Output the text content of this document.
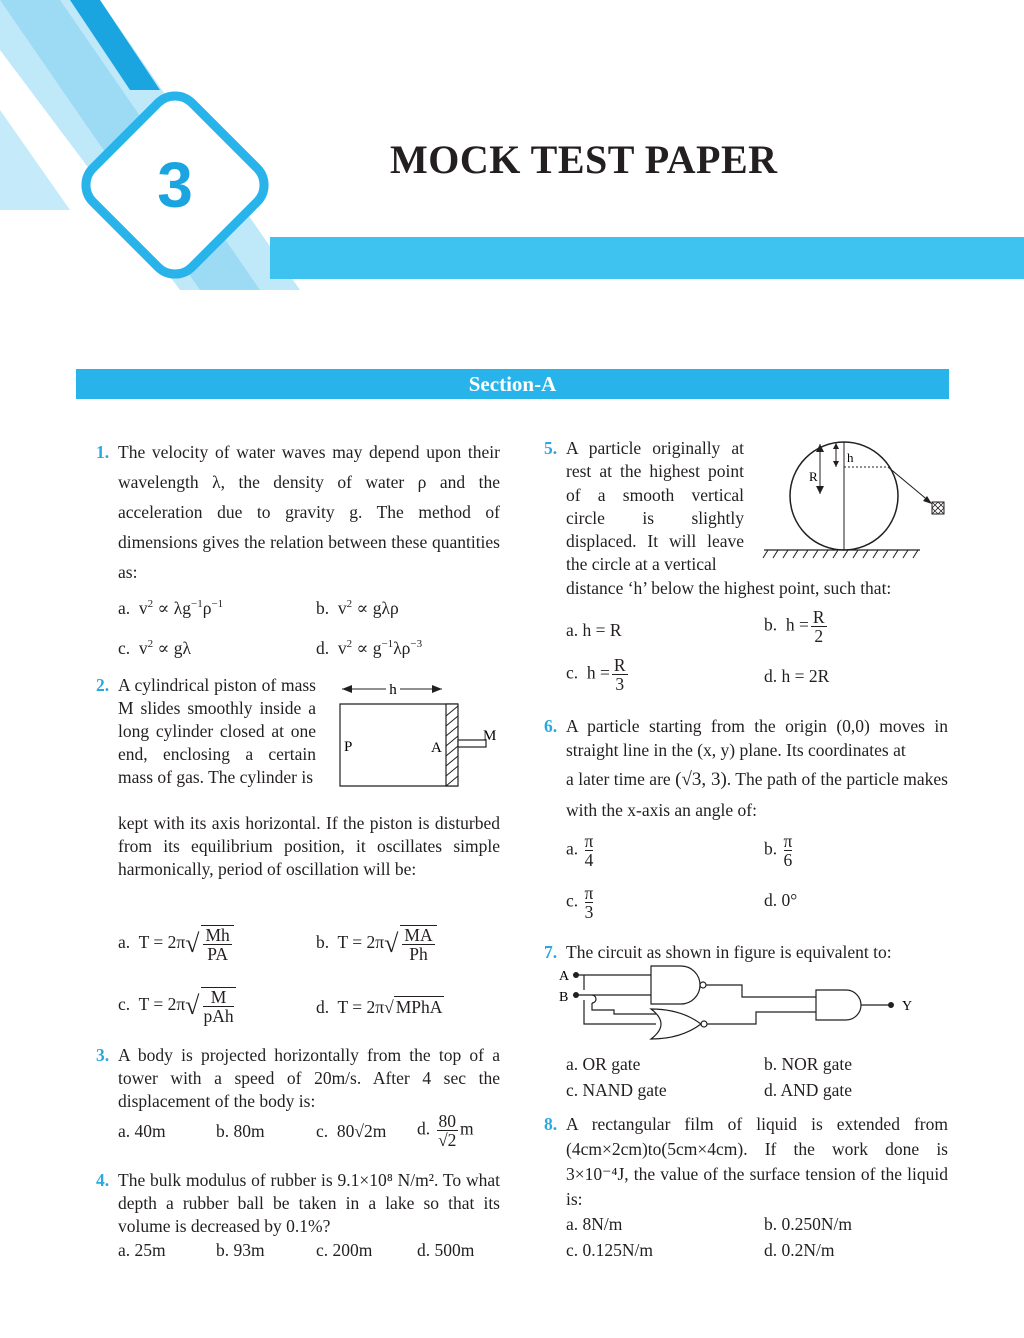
3	MOCK TEST PAPER
Section-A
1. The velocity of water waves may depend upon their wavelength λ, the density of water ρ and the acceleration due to gravity g. The method of dimensions gives the relation between these quantities as:
a.  $v^2 \propto \lambda g^{-1}\rho^{-1}$	b.  $v^2 \propto g\lambda\rho$
c.  $v^2 \propto g\lambda$	d.  $v^2 \propto g^{-1}\lambda\rho^{-3}$
2. A cylindrical piston of mass M slides smoothly inside a long cylinder closed at one end, enclosing a certain mass of gas. The cylinder is
kept with its axis horizontal. If the piston is disturbed from its equilibrium position, it oscillates simple harmonically, period of oscillation will be:
h
P	A
M
a.  $T = 2\pi√ \frac{Mh}{PA}$	b.  $T = 2\pi√ \frac{MA}{Ph}$
c.  $T = 2\pi√ \frac{M}{\text{pAh}}$	d.  T = 2π√ MPhA
3. A body is projected horizontally from the top of a tower with a speed of 20m/s. After 4 sec the displacement of the body is:
a. 40m	b. 80m	c. 80√2m d. $\frac{80}{√2}$ m
4. The bulk modulus of rubber is 9.1×10⁸ N/m². To what depth a rubber ball be taken in a lake so that its volume is decreased by 0.1%?
a. 25m	b. 93m	c. 200m	d. 500m
5. A particle originally at rest at the highest point of a smooth vertical circle is slightly displaced. It will leave the circle at a vertical
distance ‘h’ below the highest point, such that:
R
h
a. h = R	b. $h = \frac{R}{2}$
c. $h = \frac{R}{3}$	d. h = 2R
6. A particle starting from the origin (0,0) moves in straight line in the (x, y) plane. Its coordinates at
a later time are (√3, 3). The path of the particle makes with the x-axis an angle of:
a. $\frac{\pi}{4}$	b. $\frac{\pi}{6}$
c. $\frac{\pi}{3}$	d. 0°
7. The circuit as shown in figure is equivalent to:
A
B
Y
a. OR gate	b. NOR gate
c. NAND gate	d. AND gate
8. A rectangular film of liquid is extended from (4cm×2cm)to(5cm×4cm). If the work done is 3×10⁻⁴J, the value of the surface tension of the liquid is:
a. 8N/m	b. 0.250N/m
c. 0.125N/m	d. 0.2N/m
